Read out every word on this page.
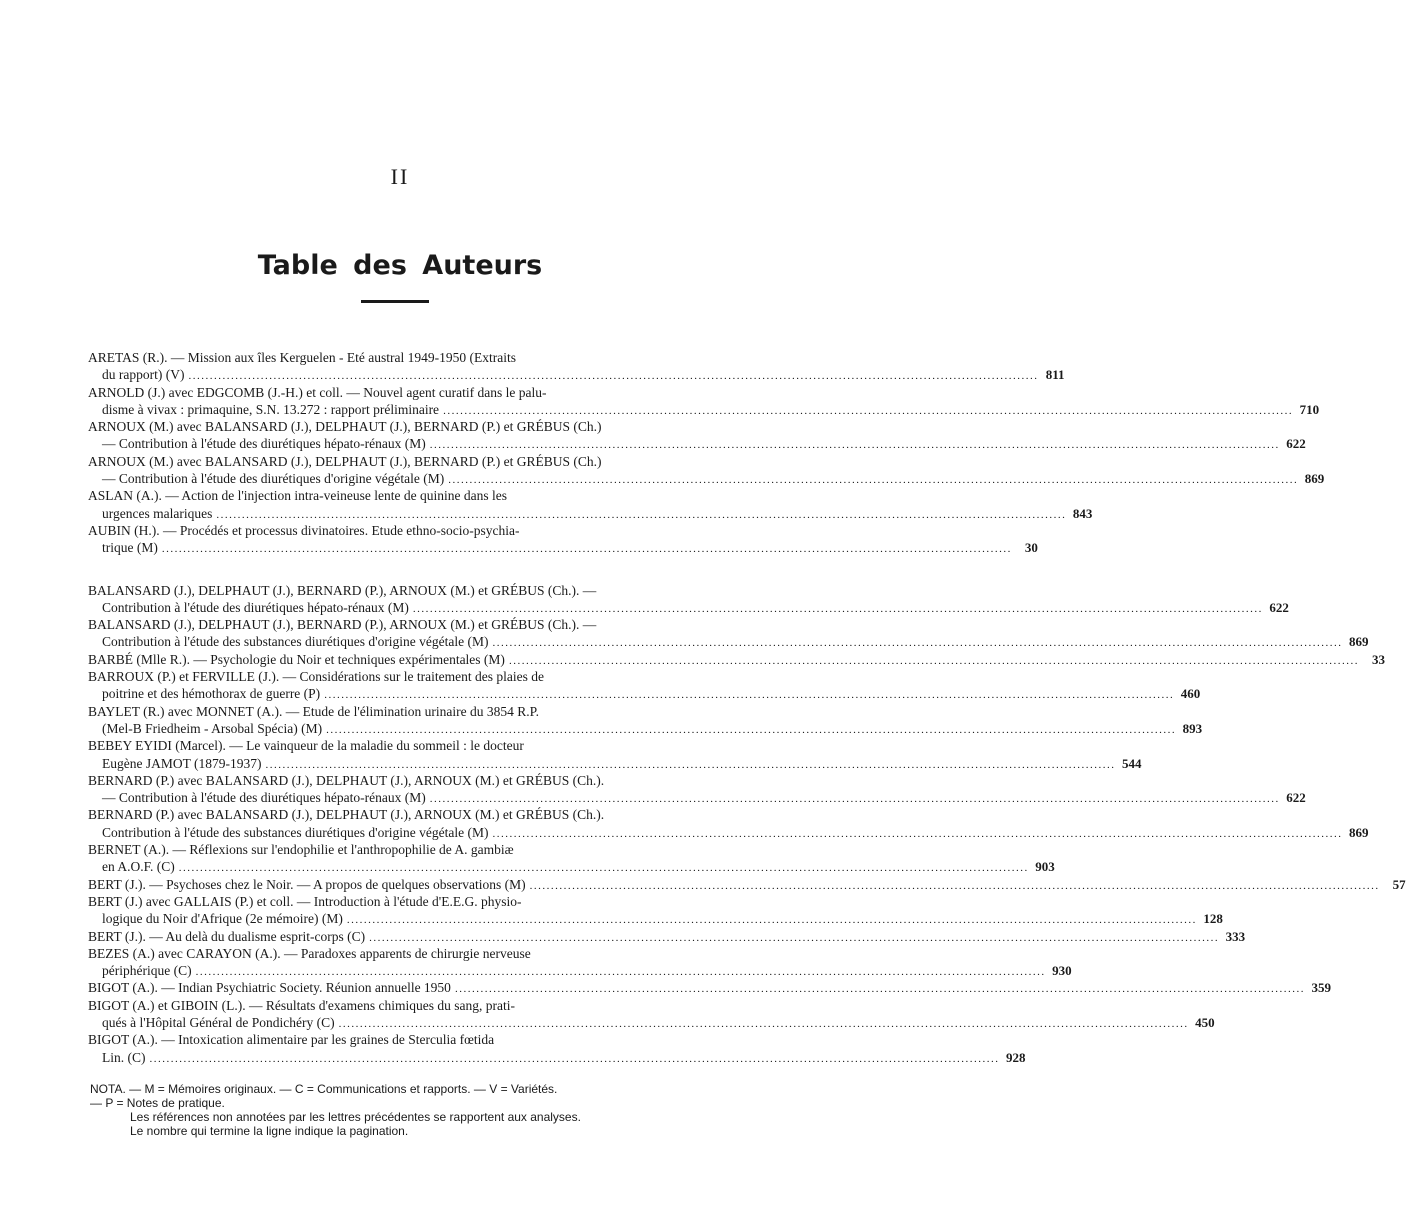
II
Table des Auteurs
ARETAS (R.). — Mission aux îles Kerguelen - Eté austral 1949-1950 (Extraits
du rapport) (V) ........................................................................................................................................................................................................ 811
ARNOLD (J.) avec EDGCOMB (J.-H.) et coll. — Nouvel agent curatif dans le palu-
disme à vivax : primaquine, S.N. 13.272 : rapport préliminaire ........................................................................................................................................................................................................ 710
ARNOUX (M.) avec BALANSARD (J.), DELPHAUT (J.), BERNARD (P.) et GRÉBUS (Ch.)
— Contribution à l'étude des diurétiques hépato-rénaux (M) ........................................................................................................................................................................................................ 622
ARNOUX (M.) avec BALANSARD (J.), DELPHAUT (J.), BERNARD (P.) et GRÉBUS (Ch.)
— Contribution à l'étude des diurétiques d'origine végétale (M) ........................................................................................................................................................................................................ 869
ASLAN (A.). — Action de l'injection intra-veineuse lente de quinine dans les
urgences malariques ........................................................................................................................................................................................................ 843
AUBIN (H.). — Procédés et processus divinatoires. Etude ethno-socio-psychia-
trique (M) ........................................................................................................................................................................................................	30
BALANSARD (J.), DELPHAUT (J.), BERNARD (P.), ARNOUX (M.) et GRÉBUS (Ch.). —
Contribution à l'étude des diurétiques hépato-rénaux (M) ........................................................................................................................................................................................................ 622
BALANSARD (J.), DELPHAUT (J.), BERNARD (P.), ARNOUX (M.) et GRÉBUS (Ch.). —
Contribution à l'étude des substances diurétiques d'origine végétale (M) ........................................................................................................................................................................................................ 869
BARBÉ (Mlle R.). — Psychologie du Noir et techniques expérimentales (M) ........................................................................................................................................................................................................	33
BARROUX (P.) et FERVILLE (J.). — Considérations sur le traitement des plaies de
poitrine et des hémothorax de guerre (P) ........................................................................................................................................................................................................ 460
BAYLET (R.) avec MONNET (A.). — Etude de l'élimination urinaire du 3854 R.P.
(Mel-B Friedheim - Arsobal Spécia) (M) ........................................................................................................................................................................................................ 893
BEBEY EYIDI (Marcel). — Le vainqueur de la maladie du sommeil : le docteur
Eugène JAMOT (1879-1937) ........................................................................................................................................................................................................ 544
BERNARD (P.) avec BALANSARD (J.), DELPHAUT (J.), ARNOUX (M.) et GRÉBUS (Ch.).
— Contribution à l'étude des diurétiques hépato-rénaux (M) ........................................................................................................................................................................................................ 622
BERNARD (P.) avec BALANSARD (J.), DELPHAUT (J.), ARNOUX (M.) et GRÉBUS (Ch.).
Contribution à l'étude des substances diurétiques d'origine végétale (M) ........................................................................................................................................................................................................ 869
BERNET (A.). — Réflexions sur l'endophilie et l'anthropophilie de A. gambiæ
en A.O.F. (C) ........................................................................................................................................................................................................ 903
BERT (J.). — Psychoses chez le Noir. — A propos de quelques observations (M) ........................................................................................................................................................................................................	57
BERT (J.) avec GALLAIS (P.) et coll. — Introduction à l'étude d'E.E.G. physio-
logique du Noir d'Afrique (2e mémoire) (M) ........................................................................................................................................................................................................ 128
BERT (J.). — Au delà du dualisme esprit-corps (C) ........................................................................................................................................................................................................ 333
BEZES (A.) avec CARAYON (A.). — Paradoxes apparents de chirurgie nerveuse
périphérique (C) ........................................................................................................................................................................................................ 930
BIGOT (A.). — Indian Psychiatric Society. Réunion annuelle 1950 ........................................................................................................................................................................................................ 359
BIGOT (A.) et GIBOIN (L.). — Résultats d'examens chimiques du sang, prati-
qués à l'Hôpital Général de Pondichéry (C) ........................................................................................................................................................................................................ 450
BIGOT (A.). — Intoxication alimentaire par les graines de Sterculia fœtida
Lin. (C) ........................................................................................................................................................................................................ 928
NOTA. — M = Mémoires originaux. — C = Communications et rapports. — V = Variétés.
— P = Notes de pratique.
Les références non annotées par les lettres précédentes se rapportent aux analyses.
Le nombre qui termine la ligne indique la pagination.
